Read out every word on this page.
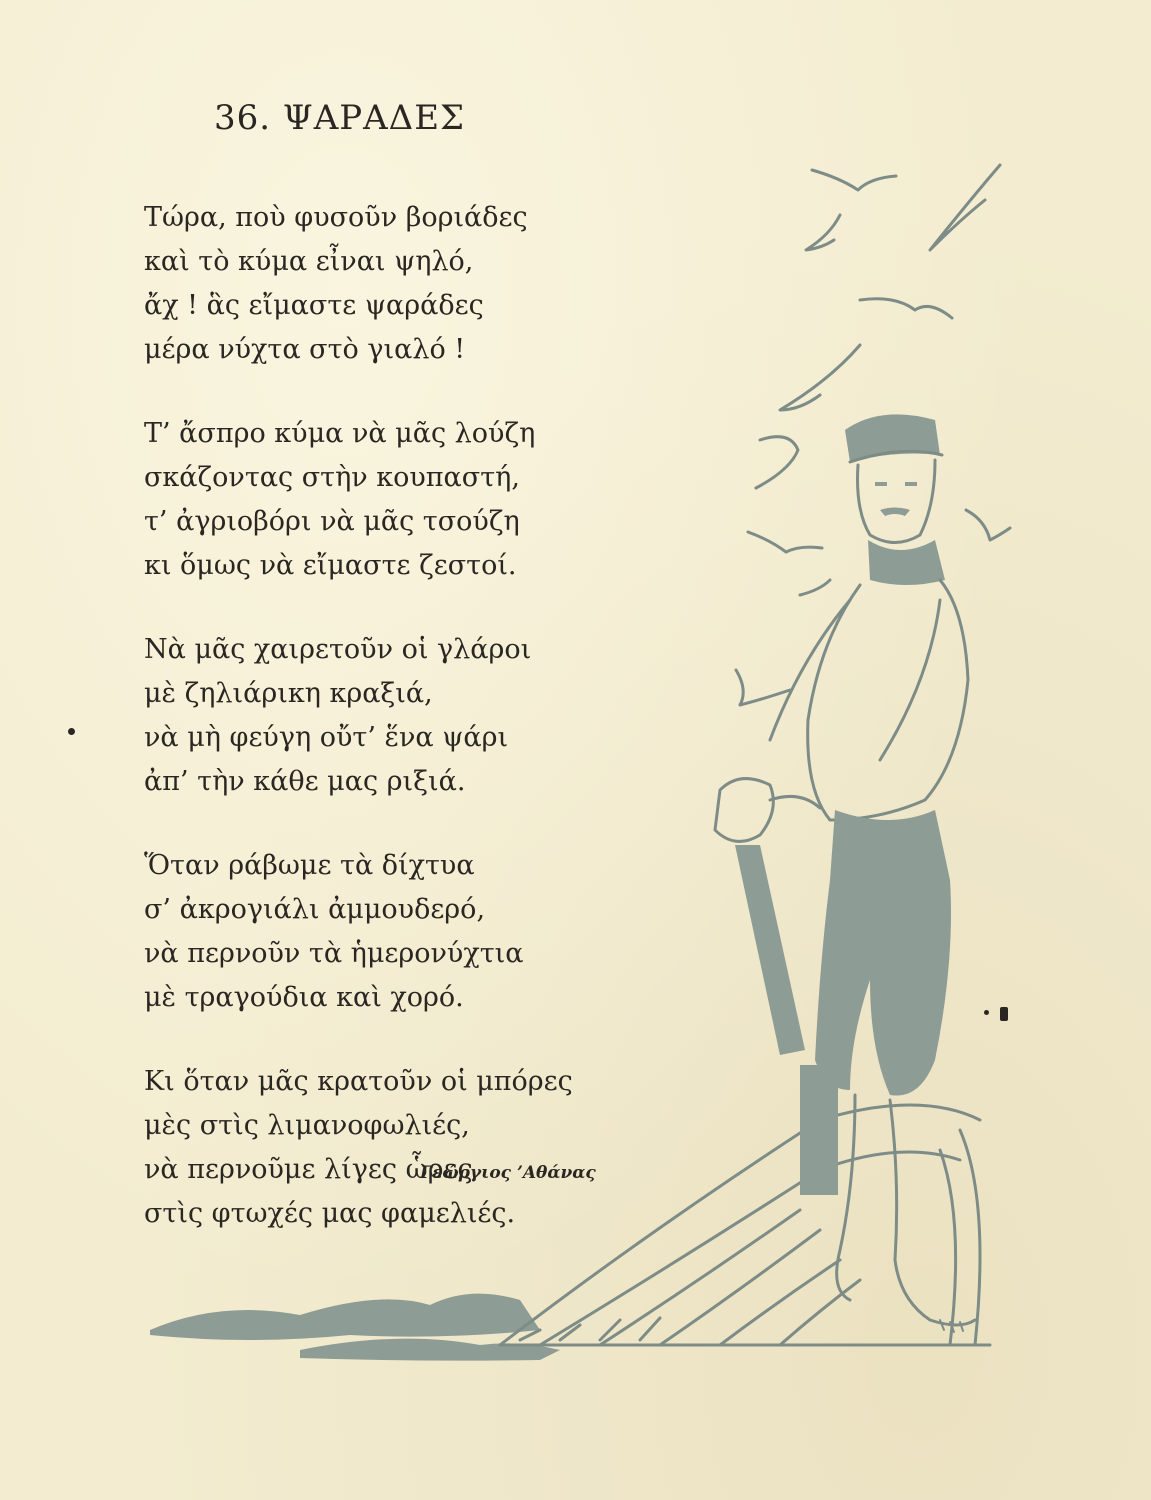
36. ΨΑΡΑΔΕΣ
Τώρα, ποὺ φυσοῦν βοριάδες
καὶ τὸ κύμα εἶναι ψηλό,
ἄχ ! ἃς εἴμαστε ψαράδες
μέρα νύχτα στὸ γιαλό !
Τ’ ἄσπρο κύμα νὰ μᾶς λούζη
σκάζοντας στὴν κουπαστή,
τ’ ἀγριοβόρι νὰ μᾶς τσούζη
κι ὅμως νὰ εἴμαστε ζεστοί.
Νὰ μᾶς χαιρετοῦν οἱ γλάροι
μὲ ζηλιάρικη κραξιά,
νὰ μὴ φεύγη οὔτ’ ἕνα ψάρι
ἀπ’ τὴν κάθε μας ριξιά.
Ὅταν ράβωμε τὰ δίχτυα
σ’ ἀκρογιάλι ἀμμουδερό,
νὰ περνοῦν τὰ ἡμερονύχτια
μὲ τραγούδια καὶ χορό.
Κι ὅταν μᾶς κρατοῦν οἱ μπόρες
μὲς στὶς λιμανοφωλιές,
νὰ περνοῦμε λίγες ὧρες
στὶς φτωχές μας φαμελιές.
Γεώργιος ’Αθάνας
